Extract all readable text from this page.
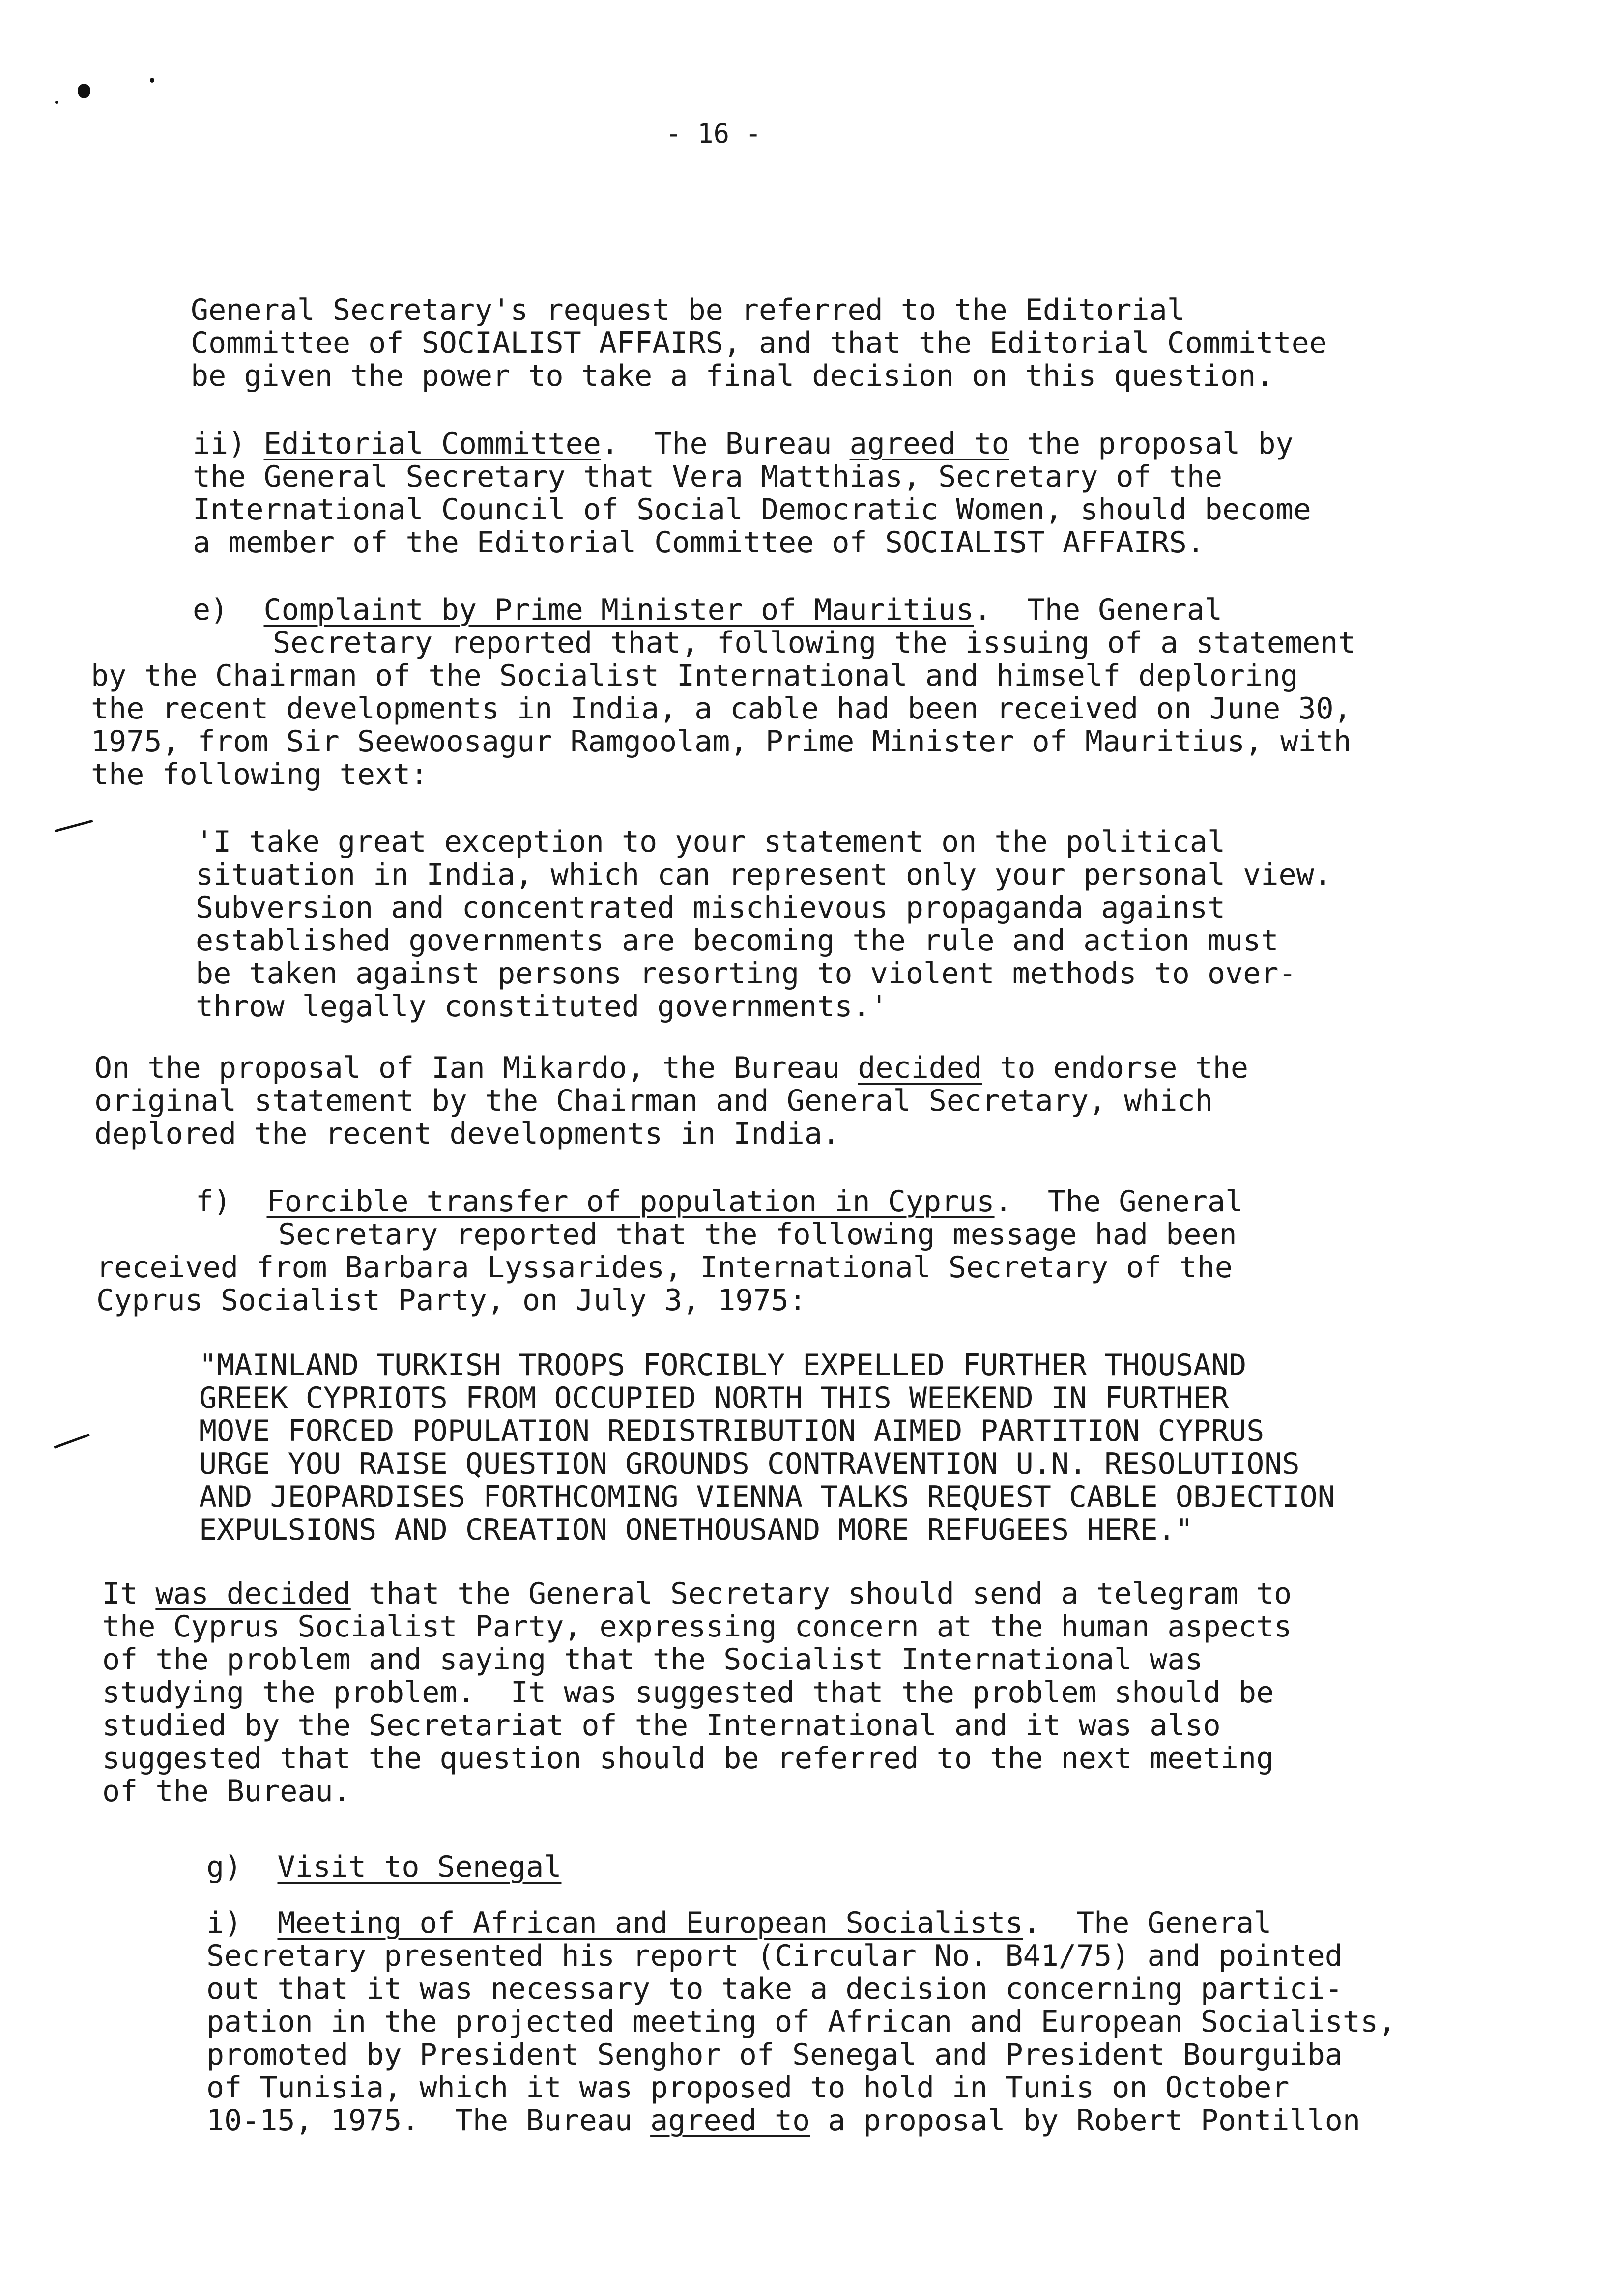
- 16 -
General Secretary's request be referred to the Editorial
Committee of SOCIALIST AFFAIRS, and that the Editorial Committee
be given the power to take a final decision on this question.
ii) Editorial Committee.  The Bureau agreed to the proposal by
the General Secretary that Vera Matthias, Secretary of the
International Council of Social Democratic Women, should become
a member of the Editorial Committee of SOCIALIST AFFAIRS.
e)  Complaint by Prime Minister of Mauritius.  The General
Secretary reported that, following the issuing of a statement
by the Chairman of the Socialist International and himself deploring
the recent developments in India, a cable had been received on June 30,
1975, from Sir Seewoosagur Ramgoolam, Prime Minister of Mauritius, with
the following text:
'I take great exception to your statement on the political
situation in India, which can represent only your personal view.
Subversion and concentrated mischievous propaganda against
established governments are becoming the rule and action must
be taken against persons resorting to violent methods to over-
throw legally constituted governments.'
On the proposal of Ian Mikardo, the Bureau decided to endorse the
original statement by the Chairman and General Secretary, which
deplored the recent developments in India.
f)  Forcible transfer of population in Cyprus.  The General
Secretary reported that the following message had been
received from Barbara Lyssarides, International Secretary of the
Cyprus Socialist Party, on July 3, 1975:
"MAINLAND TURKISH TROOPS FORCIBLY EXPELLED FURTHER THOUSAND
GREEK CYPRIOTS FROM OCCUPIED NORTH THIS WEEKEND IN FURTHER
MOVE FORCED POPULATION REDISTRIBUTION AIMED PARTITION CYPRUS
URGE YOU RAISE QUESTION GROUNDS CONTRAVENTION U.N. RESOLUTIONS
AND JEOPARDISES FORTHCOMING VIENNA TALKS REQUEST CABLE OBJECTION
EXPULSIONS AND CREATION ONETHOUSAND MORE REFUGEES HERE."
It was decided that the General Secretary should send a telegram to
the Cyprus Socialist Party, expressing concern at the human aspects
of the problem and saying that the Socialist International was
studying the problem.  It was suggested that the problem should be
studied by the Secretariat of the International and it was also
suggested that the question should be referred to the next meeting
of the Bureau.
g)  Visit to Senegal
i)  Meeting of African and European Socialists.  The General
Secretary presented his report (Circular No. B41/75) and pointed
out that it was necessary to take a decision concerning partici-
pation in the projected meeting of African and European Socialists,
promoted by President Senghor of Senegal and President Bourguiba
of Tunisia, which it was proposed to hold in Tunis on October
10-15, 1975.  The Bureau agreed to a proposal by Robert Pontillon
